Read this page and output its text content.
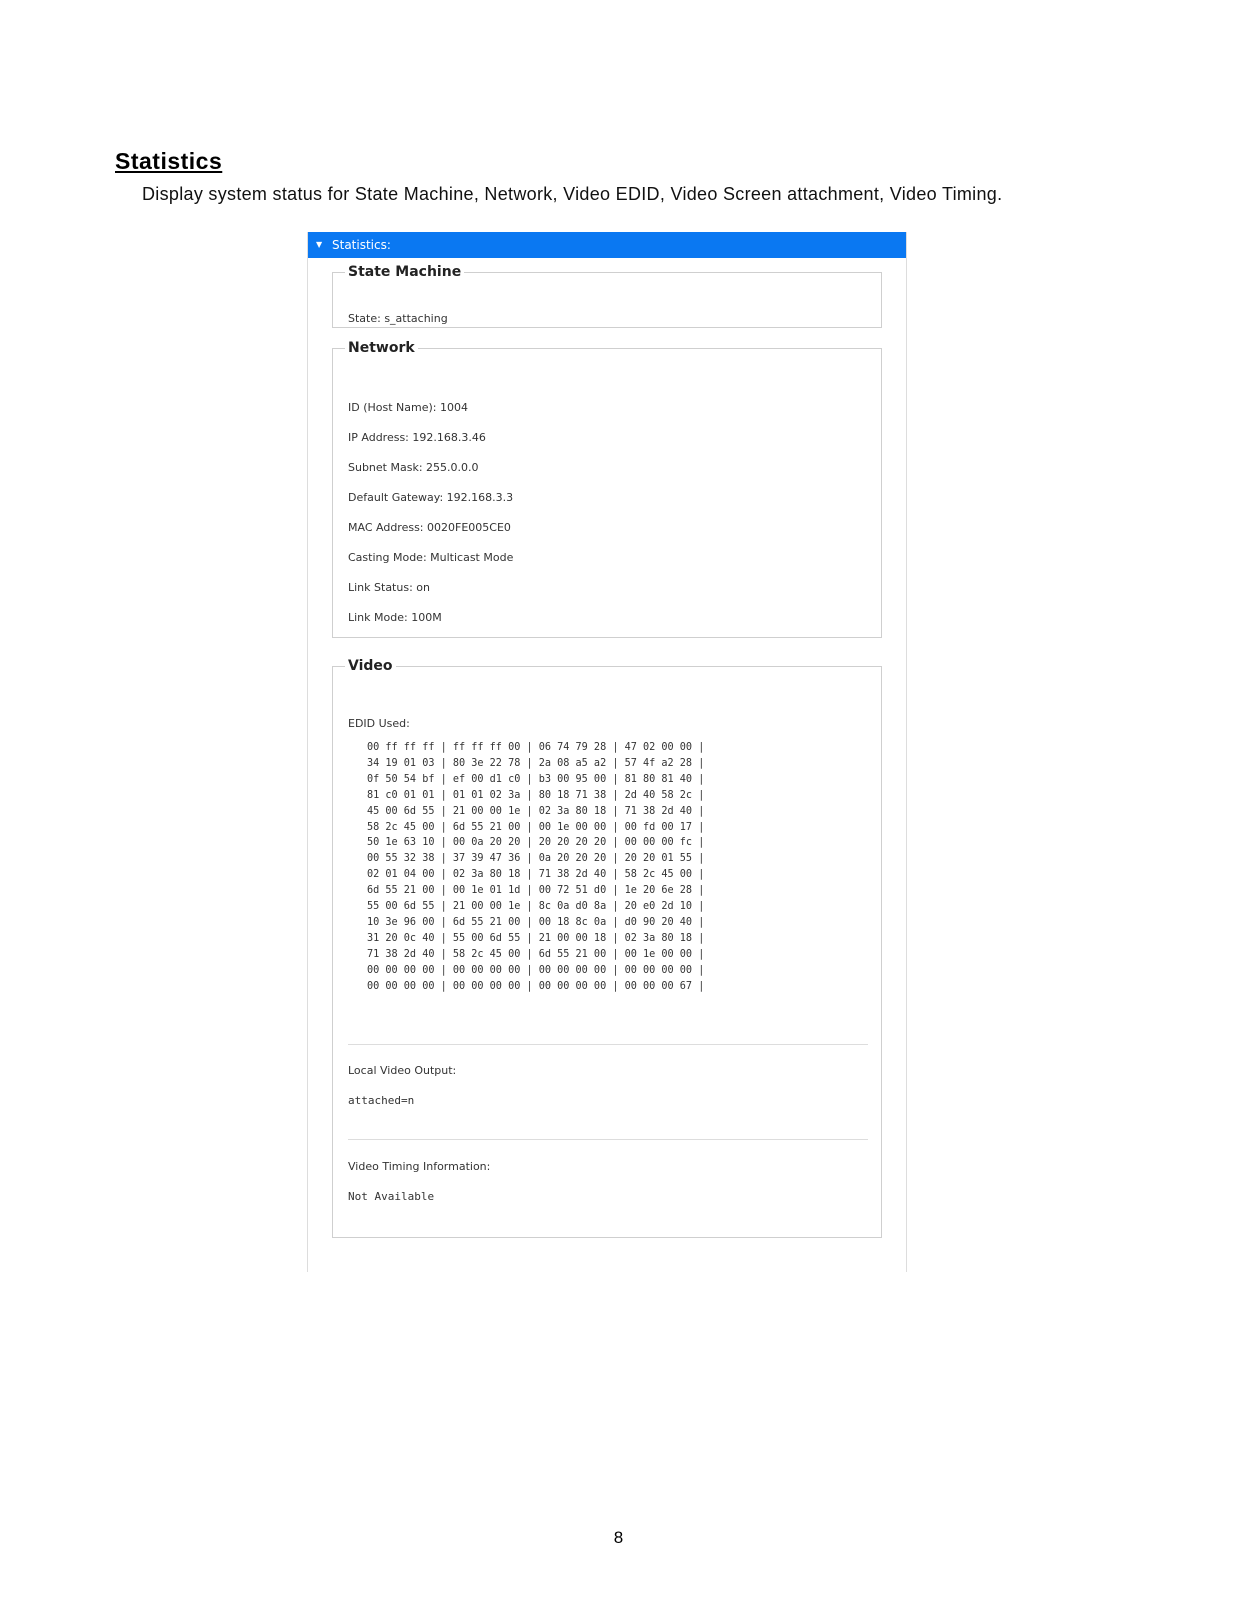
Statistics
Display system status for State Machine, Network, Video EDID, Video Screen attachment, Video Timing.
▼ Statistics:
State Machine
State: s_attaching
Network
ID (Host Name): 1004
IP Address: 192.168.3.46
Subnet Mask: 255.0.0.0
Default Gateway: 192.168.3.3
MAC Address: 0020FE005CE0
Casting Mode: Multicast Mode
Link Status: on
Link Mode: 100M
Video
EDID Used:
00 ff ff ff | ff ff ff 00 | 06 74 79 28 | 47 02 00 00 |
34 19 01 03 | 80 3e 22 78 | 2a 08 a5 a2 | 57 4f a2 28 |
0f 50 54 bf | ef 00 d1 c0 | b3 00 95 00 | 81 80 81 40 |
81 c0 01 01 | 01 01 02 3a | 80 18 71 38 | 2d 40 58 2c |
45 00 6d 55 | 21 00 00 1e | 02 3a 80 18 | 71 38 2d 40 |
58 2c 45 00 | 6d 55 21 00 | 00 1e 00 00 | 00 fd 00 17 |
50 1e 63 10 | 00 0a 20 20 | 20 20 20 20 | 00 00 00 fc |
00 55 32 38 | 37 39 47 36 | 0a 20 20 20 | 20 20 01 55 |
02 01 04 00 | 02 3a 80 18 | 71 38 2d 40 | 58 2c 45 00 |
6d 55 21 00 | 00 1e 01 1d | 00 72 51 d0 | 1e 20 6e 28 |
55 00 6d 55 | 21 00 00 1e | 8c 0a d0 8a | 20 e0 2d 10 |
10 3e 96 00 | 6d 55 21 00 | 00 18 8c 0a | d0 90 20 40 |
31 20 0c 40 | 55 00 6d 55 | 21 00 00 18 | 02 3a 80 18 |
71 38 2d 40 | 58 2c 45 00 | 6d 55 21 00 | 00 1e 00 00 |
00 00 00 00 | 00 00 00 00 | 00 00 00 00 | 00 00 00 00 |
00 00 00 00 | 00 00 00 00 | 00 00 00 00 | 00 00 00 67 |
Local Video Output:
attached=n
Video Timing Information:
Not Available
8
